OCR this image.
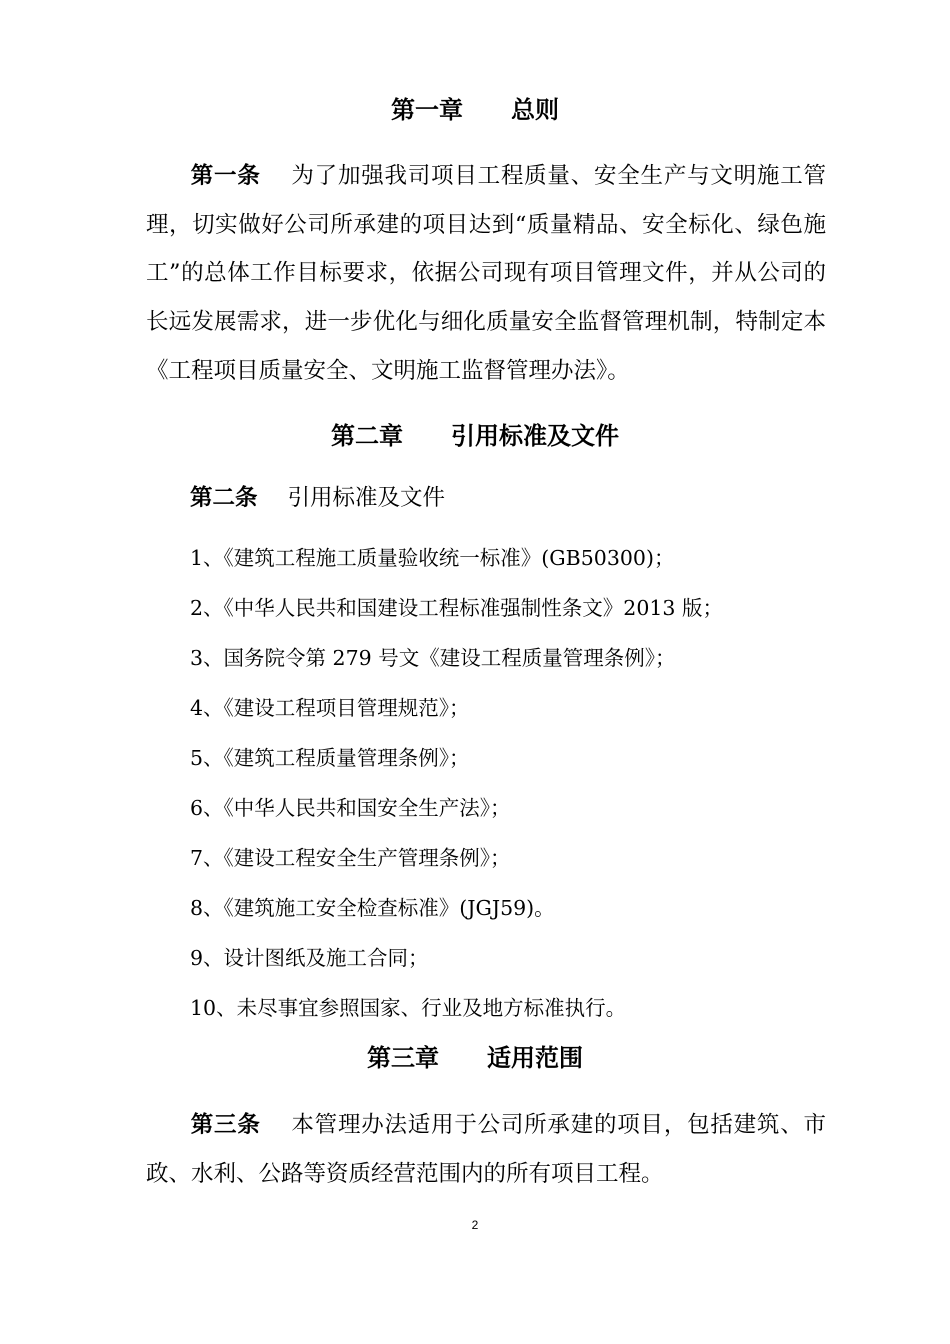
第一章　　总则

第一条 为了加强我司项目工程质量、安全生产与文明施工管理，切实做好公司所承建的项目达到“质量精品、安全标化、绿色施工”的总体工作目标要求，依据公司现有项目管理文件，并从公司的长远发展需求，进一步优化与细化质量安全监督管理机制，特制定本《工程项目质量安全、文明施工监督管理办法》。

第二章　　引用标准及文件
第二条 引用标准及文件
1、《建筑工程施工质量验收统一标准》(GB50300)；
2、《中华人民共和国建设工程标准强制性条文》2013 版；
3、国务院令第 279 号文《建设工程质量管理条例》；
4、《建设工程项目管理规范》；
5、《建筑工程质量管理条例》；
6、《中华人民共和国安全生产法》；
7、《建设工程安全生产管理条例》；
8、《建筑施工安全检查标准》(JGJ59)。
9、设计图纸及施工合同；
10、未尽事宜参照国家、行业及地方标准执行。
第三章　　适用范围

第三条 本管理办法适用于公司所承建的项目，包括建筑、市政、水利、公路等资质经营范围内的所有项目工程。

2
